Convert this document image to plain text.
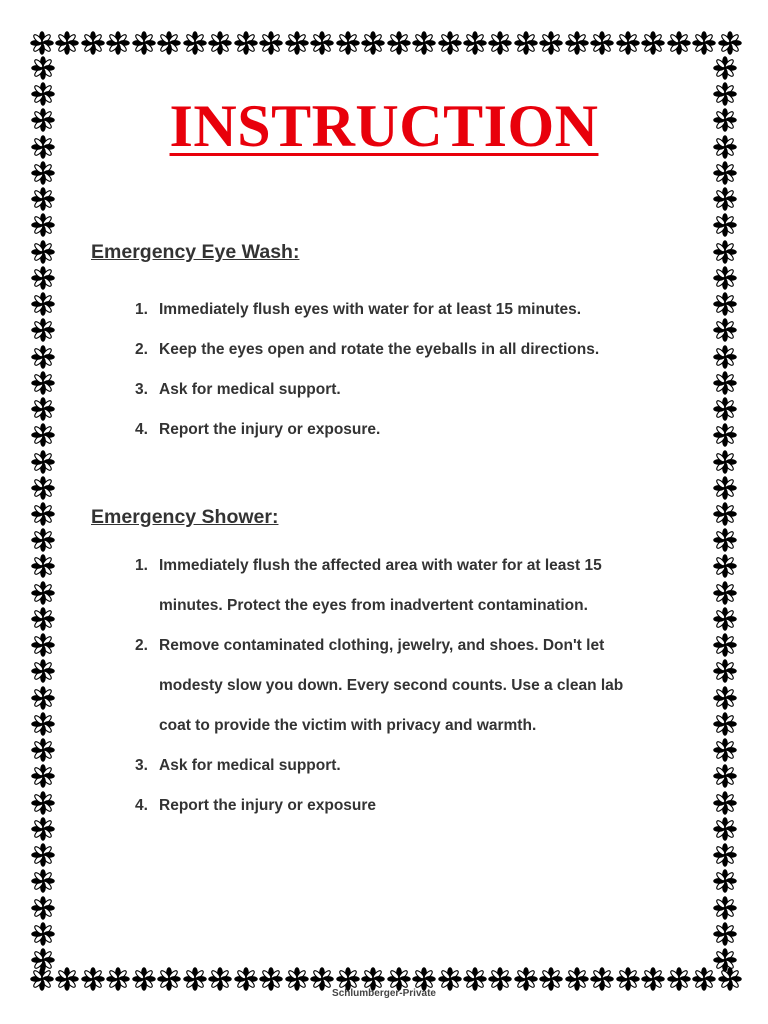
INSTRUCTION
Emergency Eye Wash:
1. Immediately flush eyes with water for at least 15 minutes.
2. Keep the eyes open and rotate the eyeballs in all directions.
3. Ask for medical support.
4. Report the injury or exposure.
Emergency Shower:
1. Immediately flush the affected area with water for at least 15
minutes. Protect the eyes from inadvertent contamination.
2. Remove contaminated clothing, jewelry, and shoes. Don't let
modesty slow you down. Every second counts. Use a clean lab
coat to provide the victim with privacy and warmth.
3. Ask for medical support.
4. Report the injury or exposure
Schlumberger-Private
